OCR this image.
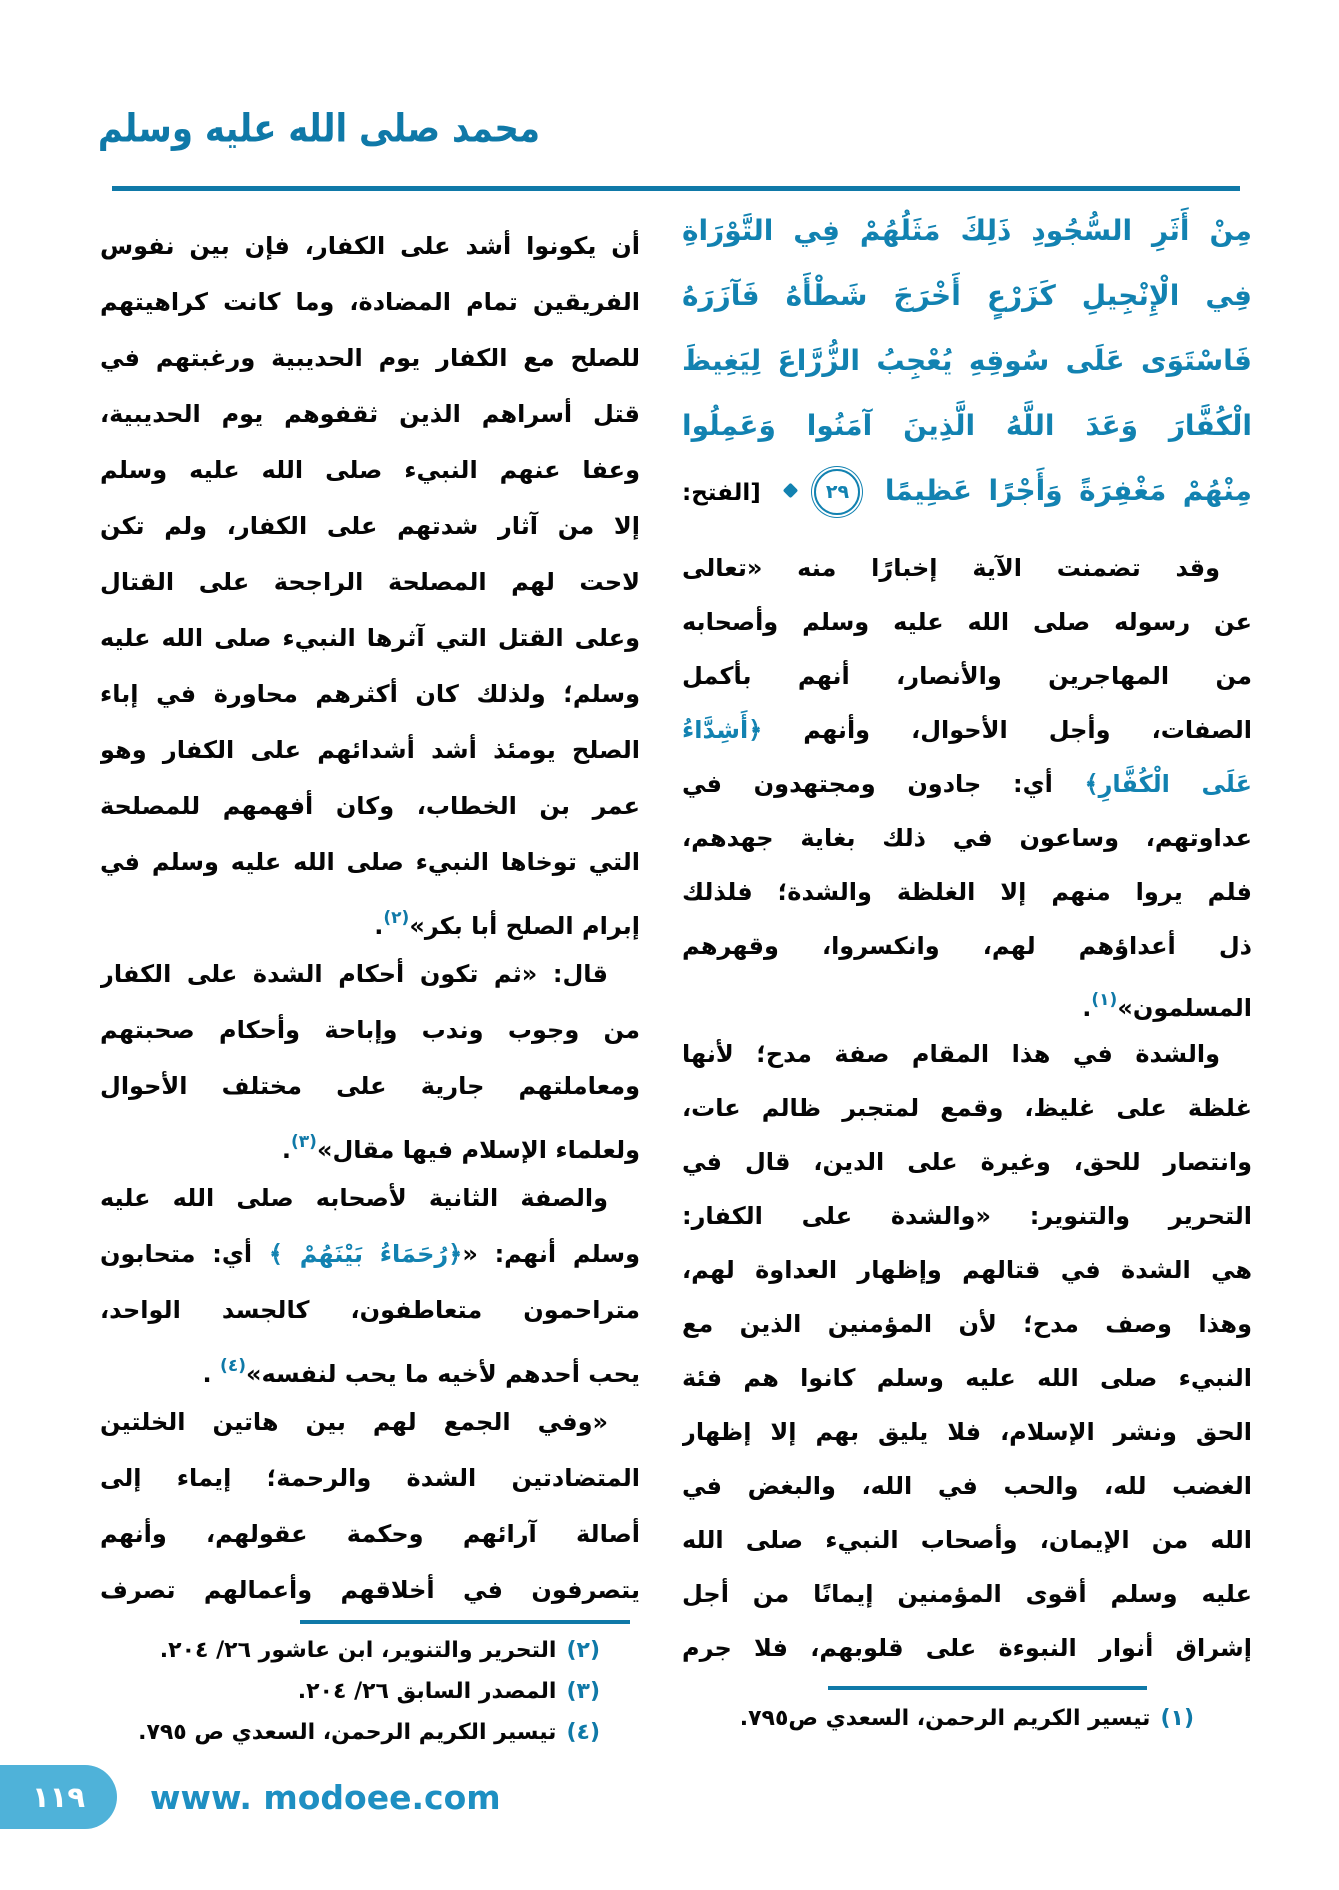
محمد صلى الله عليه وسلم
مِنْ أَثَرِ السُّجُودِ ذَلِكَ مَثَلُهُمْ فِي التَّوْرَاةِ
فِي الْإِنْجِيلِ كَزَرْعٍ أَخْرَجَ شَطْأَهُ فَآزَرَهُ
فَاسْتَوَى عَلَى سُوقِهِ يُعْجِبُ الزُّرَّاعَ لِيَغِيظَ
الْكُفَّارَ وَعَدَ اللَّهُ الَّذِينَ آمَنُوا وَعَمِلُوا
مِنْهُمْ مَغْفِرَةً وَأَجْرًا عَظِيمًا
٢٩
[الفتح:
وقد تضمنت الآية إخبارًا منه «تعالى
عن رسوله صلى الله عليه وسلم وأصحابه
من المهاجرين والأنصار، أنهم بأكمل
الصفات، وأجل الأحوال، وأنهم ﴿أَشِدَّاءُ
عَلَى الْكُفَّارِ﴾ أي: جادون ومجتهدون في
عداوتهم، وساعون في ذلك بغاية جهدهم،
فلم يروا منهم إلا الغلظة والشدة؛ فلذلك
ذل أعداؤهم لهم، وانكسروا، وقهرهم
المسلمون»$^{(١)}$.
والشدة في هذا المقام صفة مدح؛ لأنها
غلظة على غليظ، وقمع لمتجبر ظالم عات،
وانتصار للحق، وغيرة على الدين، قال في
التحرير والتنوير: «والشدة على الكفار:
هي الشدة في قتالهم وإظهار العداوة لهم،
وهذا وصف مدح؛ لأن المؤمنين الذين مع
النبيء صلى الله عليه وسلم كانوا هم فئة
الحق ونشر الإسلام، فلا يليق بهم إلا إظهار
الغضب لله، والحب في الله، والبغض في
الله من الإيمان، وأصحاب النبيء صلى الله
عليه وسلم أقوى المؤمنين إيمانًا من أجل
إشراق أنوار النبوءة على قلوبهم، فلا جرم
أن يكونوا أشد على الكفار، فإن بين نفوس
الفريقين تمام المضادة، وما كانت كراهيتهم
للصلح مع الكفار يوم الحديبية ورغبتهم في
قتل أسراهم الذين ثقفوهم يوم الحديبية،
وعفا عنهم النبيء صلى الله عليه وسلم
إلا من آثار شدتهم على الكفار، ولم تكن
لاحت لهم المصلحة الراجحة على القتال
وعلى القتل التي آثرها النبيء صلى الله عليه
وسلم؛ ولذلك كان أكثرهم محاورة في إباء
الصلح يومئذ أشد أشدائهم على الكفار وهو
عمر بن الخطاب، وكان أفهمهم للمصلحة
التي توخاها النبيء صلى الله عليه وسلم في
إبرام الصلح أبا بكر»$^{(٢)}$.
قال: «ثم تكون أحكام الشدة على الكفار
من وجوب وندب وإباحة وأحكام صحبتهم
ومعاملتهم جارية على مختلف الأحوال
ولعلماء الإسلام فيها مقال»$^{(٣)}$.
والصفة الثانية لأصحابه صلى الله عليه
وسلم أنهم: «﴿رُحَمَاءُ بَيْنَهُمْ ﴾ أي: متحابون
متراحمون متعاطفون، كالجسد الواحد،
يحب أحدهم لأخيه ما يحب لنفسه»$^{(٤)}$ .
«وفي الجمع لهم بين هاتين الخلتين
المتضادتين الشدة والرحمة؛ إيماء إلى
أصالة آرائهم وحكمة عقولهم، وأنهم
يتصرفون في أخلاقهم وأعمالهم تصرف
(٢)التحرير والتنوير، ابن عاشور ٢٦/ ٢٠٤.
(٣)المصدر السابق ٢٦/ ٢٠٤.
(٤)تيسير الكريم الرحمن، السعدي ص ٧٩٥.
(١)تيسير الكريم الرحمن، السعدي ص٧٩٥.
١١٩ www. modoee.com
